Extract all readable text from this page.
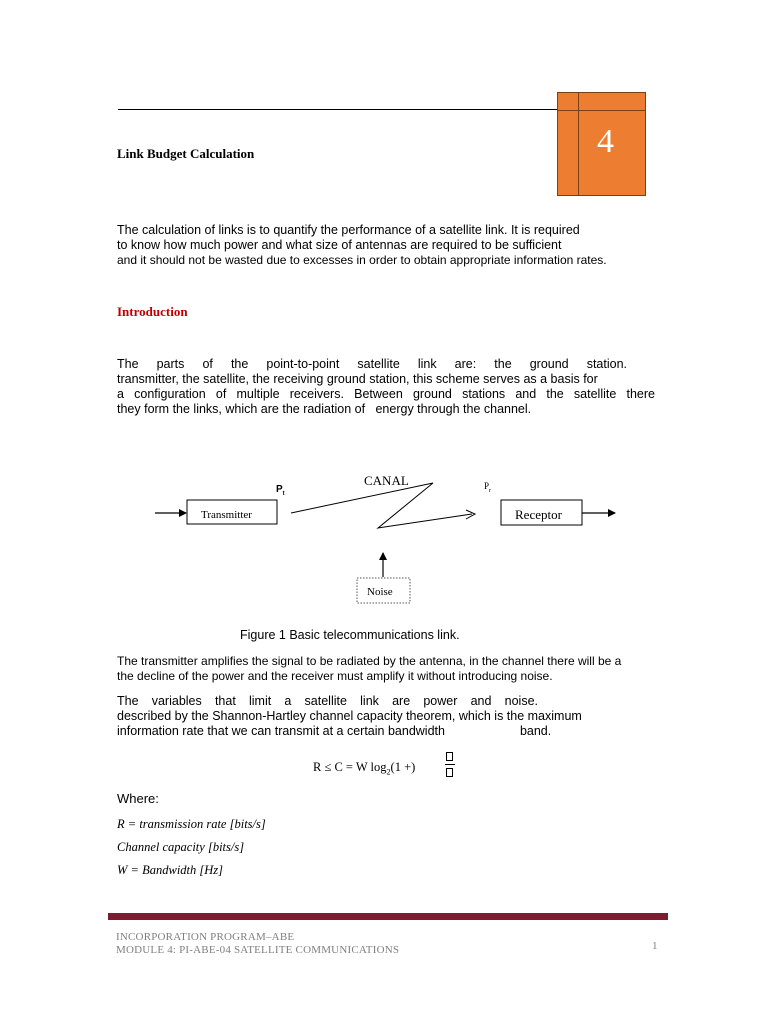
4
Link Budget Calculation
The calculation of links is to quantify the performance of a satellite link. It is required
to know how much power and what size of antennas are required to be sufficient
and it should not be wasted due to excesses in order to obtain appropriate information rates.
Introduction
The parts of the point-to-point satellite link are: the ground station.
transmitter, the satellite, the receiving ground station, this scheme serves as a basis for
a configuration of multiple receivers. Between ground stations and the satellite there
they form the links, which are the radiation of energy through the channel.
CANAL
$P_t$
$P_r$
Transmitter	Receptor
Noise
Figure 1 Basic telecommunications link.
The transmitter amplifies the signal to be radiated by the antenna, in the channel there will be a
the decline of the power and the receiver must amplify it without introducing noise.
The variables that limit a satellite link are power and noise.
described by the Shannon-Hartley channel capacity theorem, which is the maximum
information rate that we can transmit at a certain bandwidth	band.
R ≤ C = W $\log_2(1$ +)
Where:
R = transmission rate [bits/s]
Channel capacity [bits/s]
W = Bandwidth [Hz]
INCORPORATION PROGRAM–ABE
MODULE 4: PI-ABE-04 SATELLITE COMMUNICATIONS	1
